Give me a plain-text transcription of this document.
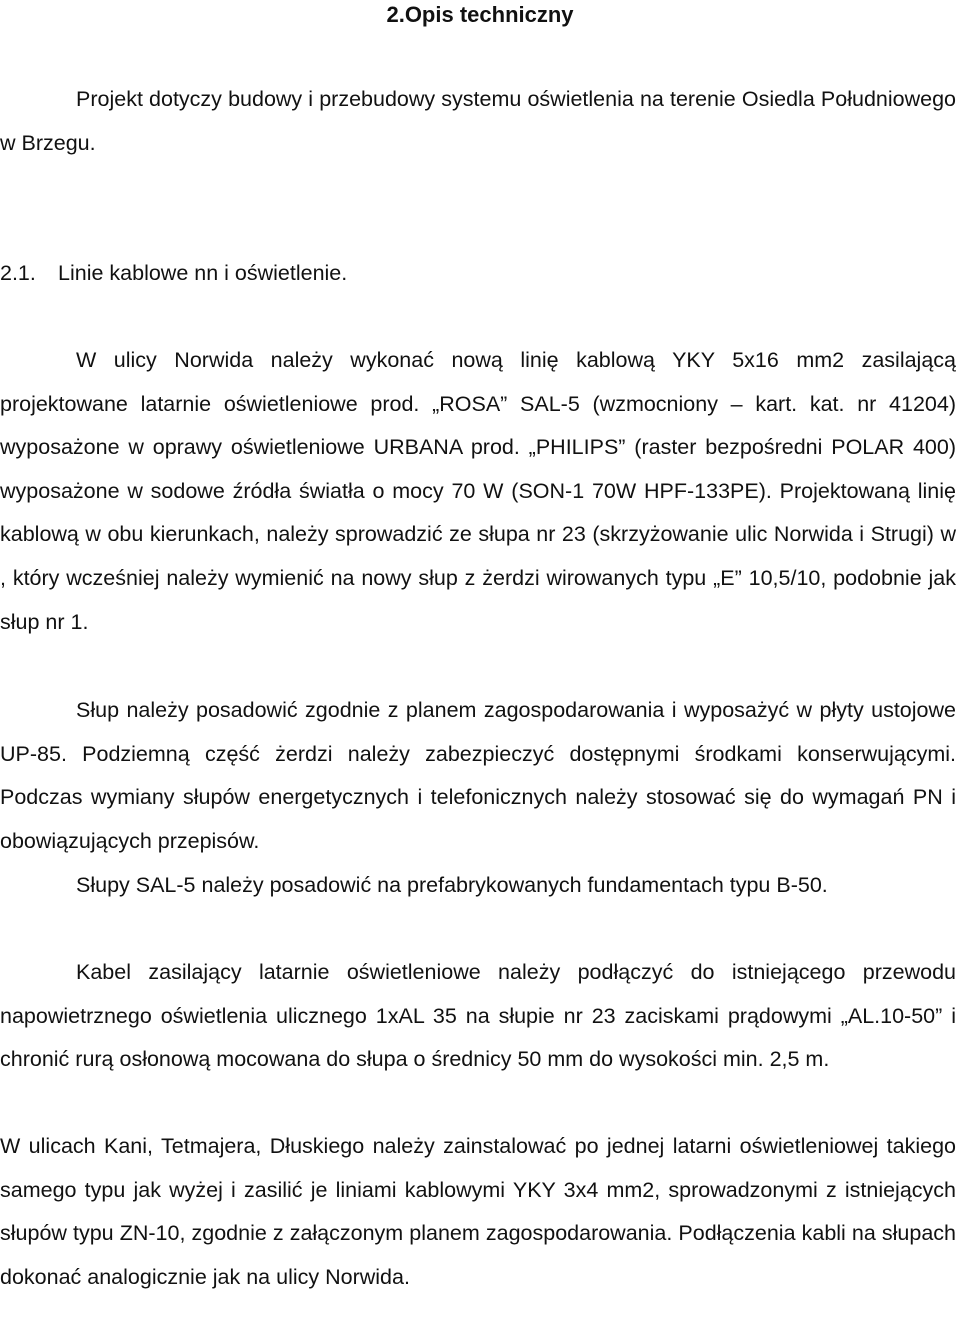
2.Opis techniczny

Projekt dotyczy budowy i przebudowy systemu oświetlenia na terenie Osiedla Południowego w Brzegu.

2.1. Linie kablowe nn i oświetlenie.

W ulicy Norwida należy wykonać nową linię kablową YKY 5x16 mm2 zasilającą projektowane latarnie oświetleniowe prod. „ROSA” SAL-5 (wzmocniony – kart. kat. nr 41204) wyposażone w oprawy oświetleniowe URBANA prod. „PHILIPS” (raster bezpośredni POLAR 400) wyposażone w sodowe źródła światła o mocy 70 W (SON-1 70W HPF-133PE). Projektowaną linię kablową w obu kierunkach, należy sprowadzić ze słupa nr 23 (skrzyżowanie ulic Norwida i Strugi) w , który wcześniej należy wymienić na nowy słup z żerdzi wirowanych typu „E” 10,5/10, podobnie jak słup nr 1.

Słup należy posadowić zgodnie z planem zagospodarowania i wyposażyć w płyty ustojowe UP-85. Podziemną część żerdzi należy zabezpieczyć dostępnymi środkami konserwującymi. Podczas wymiany słupów energetycznych i telefonicznych należy stosować się do wymagań PN i obowiązujących przepisów.

Słupy SAL-5 należy posadowić na prefabrykowanych fundamentach typu B-50.

Kabel zasilający latarnie oświetleniowe należy podłączyć do istniejącego przewodu napowietrznego oświetlenia ulicznego 1xAL 35 na słupie nr 23 zaciskami prądowymi „AL.10-50” i chronić rurą osłonową mocowana do słupa o średnicy 50 mm do wysokości min. 2,5 m.

W ulicach Kani, Tetmajera, Dłuskiego należy zainstalować po jednej latarni oświetleniowej takiego samego typu jak wyżej i zasilić je liniami kablowymi YKY 3x4 mm2, sprowadzonymi z istniejących słupów typu ZN-10, zgodnie z załączonym planem zagospodarowania. Podłączenia kabli na słupach dokonać analogicznie jak na ulicy Norwida.
